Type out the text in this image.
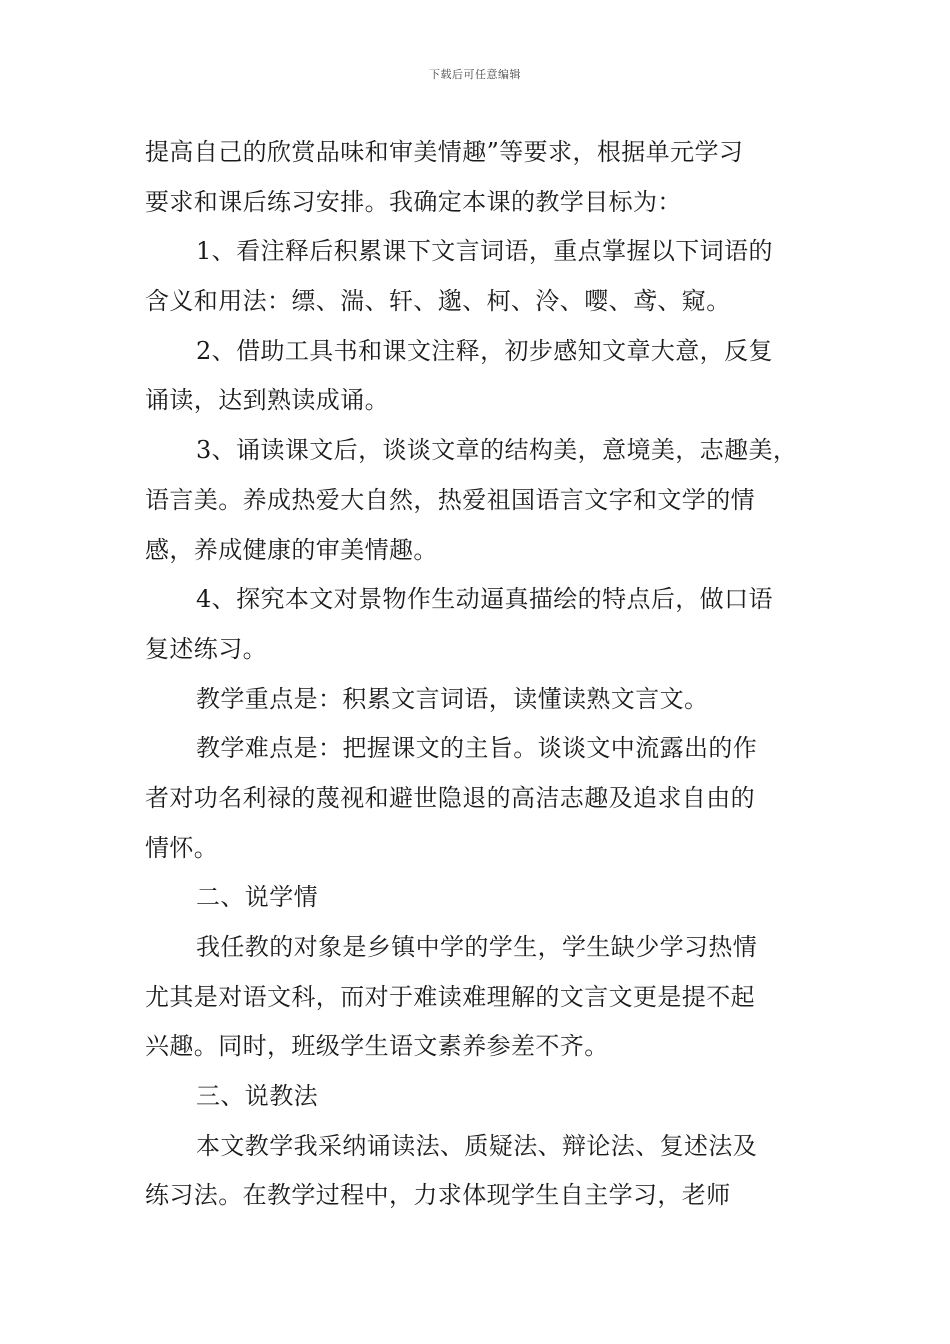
下载后可任意编辑
提高自己的欣赏品味和审美情趣”等要求，根据单元学习
要求和课后练习安排。我确定本课的教学目标为：
1、看注释后积累课下文言词语，重点掌握以下词语的
含义和用法：缥、湍、轩、邈、柯、泠、嘤、鸢、窥。
2、借助工具书和课文注释，初步感知文章大意，反复
诵读，达到熟读成诵。
3、诵读课文后，谈谈文章的结构美，意境美，志趣美，
语言美。养成热爱大自然，热爱祖国语言文字和文学的情
感，养成健康的审美情趣。
4、探究本文对景物作生动逼真描绘的特点后，做口语
复述练习。
教学重点是：积累文言词语，读懂读熟文言文。
教学难点是：把握课文的主旨。谈谈文中流露出的作
者对功名利禄的蔑视和避世隐退的高洁志趣及追求自由的
情怀。
二、说学情
我任教的对象是乡镇中学的学生，学生缺少学习热情
尤其是对语文科，而对于难读难理解的文言文更是提不起
兴趣。同时，班级学生语文素养参差不齐。
三、说教法
本文教学我采纳诵读法、质疑法、辩论法、复述法及
练习法。在教学过程中，力求体现学生自主学习，老师
